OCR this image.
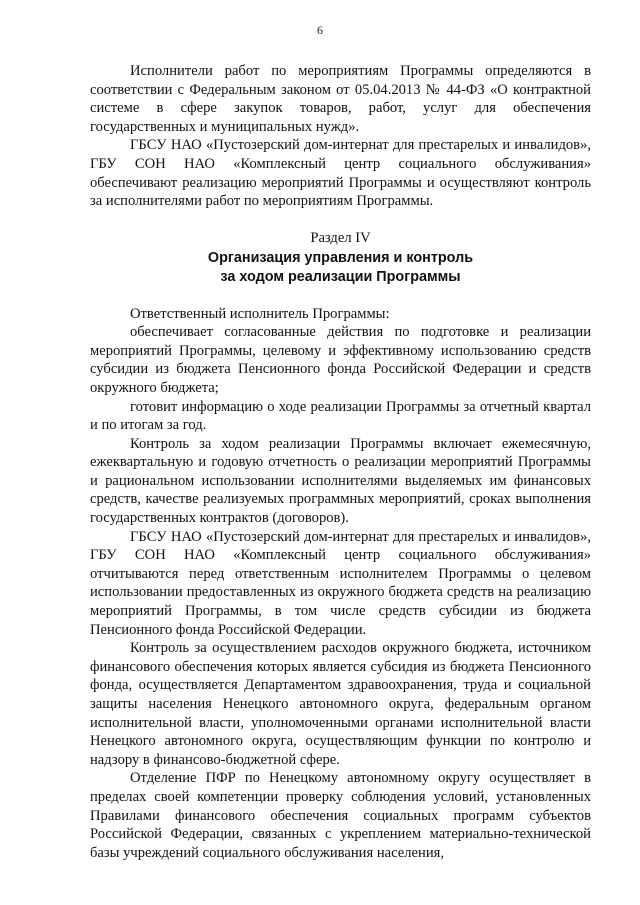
6

Исполнители работ по мероприятиям Программы определяются в соответствии с Федеральным законом от 05.04.2013 № 44-ФЗ «О контрактной системе в сфере закупок товаров, работ, услуг для обеспечения государственных и муниципальных нужд».

ГБСУ НАО «Пустозерский дом-интернат для престарелых и инвалидов», ГБУ СОН НАО «Комплексный центр социального обслуживания» обеспечивают реализацию мероприятий Программы и осуществляют контроль за исполнителями работ по мероприятиям Программы.

Раздел IV
Организация управления и контроль
за ходом реализации Программы

Ответственный исполнитель Программы:

обеспечивает согласованные действия по подготовке и реализации мероприятий Программы, целевому и эффективному использованию средств субсидии из бюджета Пенсионного фонда Российской Федерации и средств окружного бюджета;

готовит информацию о ходе реализации Программы за отчетный квартал и по итогам за год.

Контроль за ходом реализации Программы включает ежемесячную, ежеквартальную и годовую отчетность о реализации мероприятий Программы и рациональном использовании исполнителями выделяемых им финансовых средств, качестве реализуемых программных мероприятий, сроках выполнения государственных контрактов (договоров).

ГБСУ НАО «Пустозерский дом-интернат для престарелых и инвалидов», ГБУ СОН НАО «Комплексный центр социального обслуживания» отчитываются перед ответственным исполнителем Программы о целевом использовании предоставленных из окружного бюджета средств на реализацию мероприятий Программы, в том числе средств субсидии из бюджета Пенсионного фонда Российской Федерации.

Контроль за осуществлением расходов окружного бюджета, источником финансового обеспечения которых является субсидия из бюджета Пенсионного фонда, осуществляется Департаментом здравоохранения, труда и социальной защиты населения Ненецкого автономного округа, федеральным органом исполнительной власти, уполномоченными органами исполнительной власти Ненецкого автономного округа, осуществляющим функции по контролю и надзору в финансово-бюджетной сфере.

Отделение ПФР по Ненецкому автономному округу осуществляет в пределах своей компетенции проверку соблюдения условий, установленных Правилами финансового обеспечения социальных программ субъектов Российской Федерации, связанных с укреплением материально-технической базы учреждений социального обслуживания населения,
